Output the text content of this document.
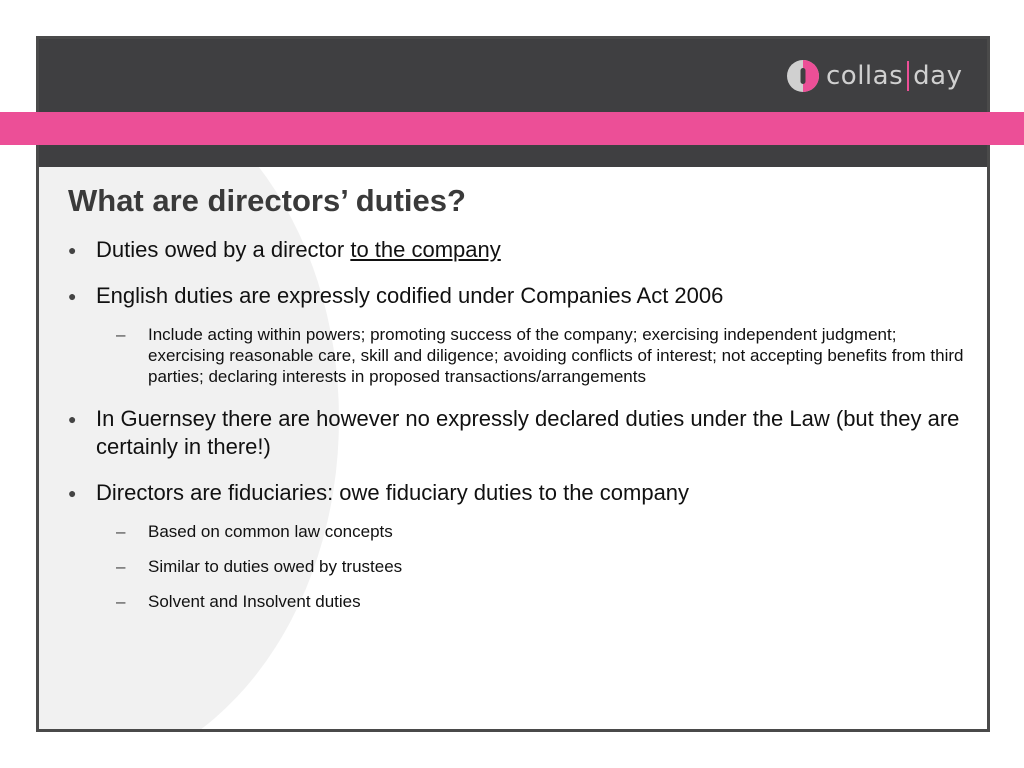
collas day
What are directors’ duties?
● Duties owed by a director to the company
● English duties are expressly codified under Companies Act 2006
– Include acting within powers; promoting success of the company; exercising independent judgment; exercising reasonable care, skill and diligence; avoiding conflicts of interest; not accepting benefits from third parties; declaring interests in proposed transactions/arrangements
● In Guernsey there are however no expressly declared duties under the Law (but they are certainly in there!)
● Directors are fiduciaries: owe fiduciary duties to the company
– Based on common law concepts
– Similar to duties owed by trustees
– Solvent and Insolvent duties
